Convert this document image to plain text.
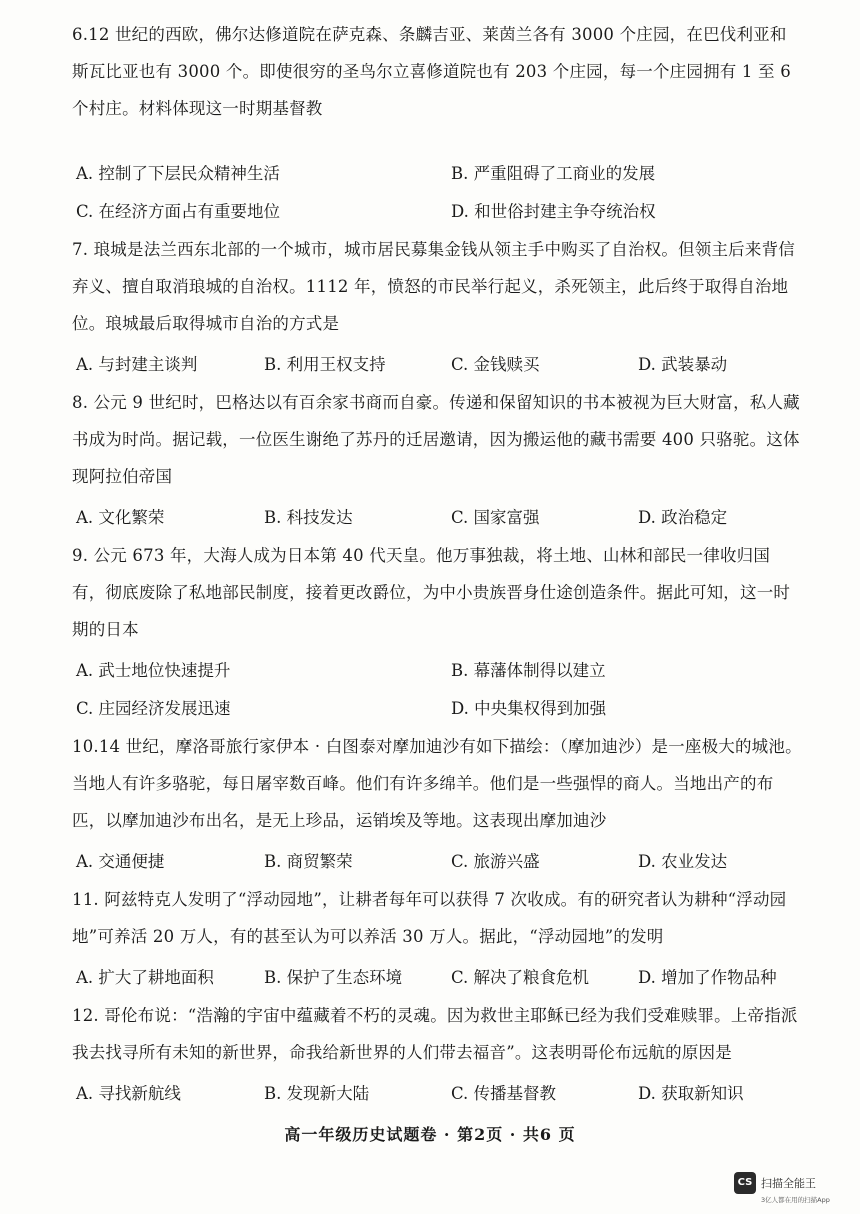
6.12 世纪的西欧，佛尔达修道院在萨克森、条麟吉亚、莱茵兰各有 3000 个庄园，在巴伐利亚和斯瓦比亚也有 3000 个。即使很穷的圣鸟尔立喜修道院也有 203 个庄园，每一个庄园拥有 1 至 6 个村庄。材料体现这一时期基督教

A. 控制了下层民众精神生活	B. 严重阻碍了工商业的发展
C. 在经济方面占有重要地位	D. 和世俗封建主争夺统治权

7. 琅城是法兰西东北部的一个城市，城市居民募集金钱从领主手中购买了自治权。但领主后来背信弃义、擅自取消琅城的自治权。1112 年，愤怒的市民举行起义，杀死领主，此后终于取得自治地位。琅城最后取得城市自治的方式是

A. 与封建主谈判	B. 利用王权支持	C. 金钱赎买	D. 武装暴动

8. 公元 9 世纪时，巴格达以有百余家书商而自豪。传递和保留知识的书本被视为巨大财富，私人藏书成为时尚。据记载，一位医生谢绝了苏丹的迁居邀请，因为搬运他的藏书需要 400 只骆驼。这体现阿拉伯帝国

A. 文化繁荣	B. 科技发达	C. 国家富强	D. 政治稳定

9. 公元 673 年，大海人成为日本第 40 代天皇。他万事独裁，将土地、山林和部民一律收归国有，彻底废除了私地部民制度，接着更改爵位，为中小贵族晋身仕途创造条件。据此可知，这一时期的日本

A. 武士地位快速提升	B. 幕藩体制得以建立
C. 庄园经济发展迅速	D. 中央集权得到加强

10.14 世纪，摩洛哥旅行家伊本 · 白图泰对摩加迪沙有如下描绘：（摩加迪沙）是一座极大的城池。当地人有许多骆驼，每日屠宰数百峰。他们有许多绵羊。他们是一些强悍的商人。当地出产的布匹，以摩加迪沙布出名，是无上珍品，运销埃及等地。这表现出摩加迪沙

A. 交通便捷	B. 商贸繁荣	C. 旅游兴盛	D. 农业发达

11. 阿兹特克人发明了“浮动园地”，让耕者每年可以获得 7 次收成。有的研究者认为耕种“浮动园地”可养活 20 万人，有的甚至认为可以养活 30 万人。据此，“浮动园地”的发明

A. 扩大了耕地面积	B. 保护了生态环境	C. 解决了粮食危机	D. 增加了作物品种

12. 哥伦布说：“浩瀚的宇宙中蕴藏着不朽的灵魂。因为救世主耶稣已经为我们受难赎罪。上帝指派我去找寻所有未知的新世界，命我给新世界的人们带去福音”。这表明哥伦布远航的原因是

A. 寻找新航线	B. 发现新大陆	C. 传播基督教	D. 获取新知识
高一年级历史试题卷 · 第2页 · 共6 页
CS 扫描全能王
3亿人都在用的扫描App
